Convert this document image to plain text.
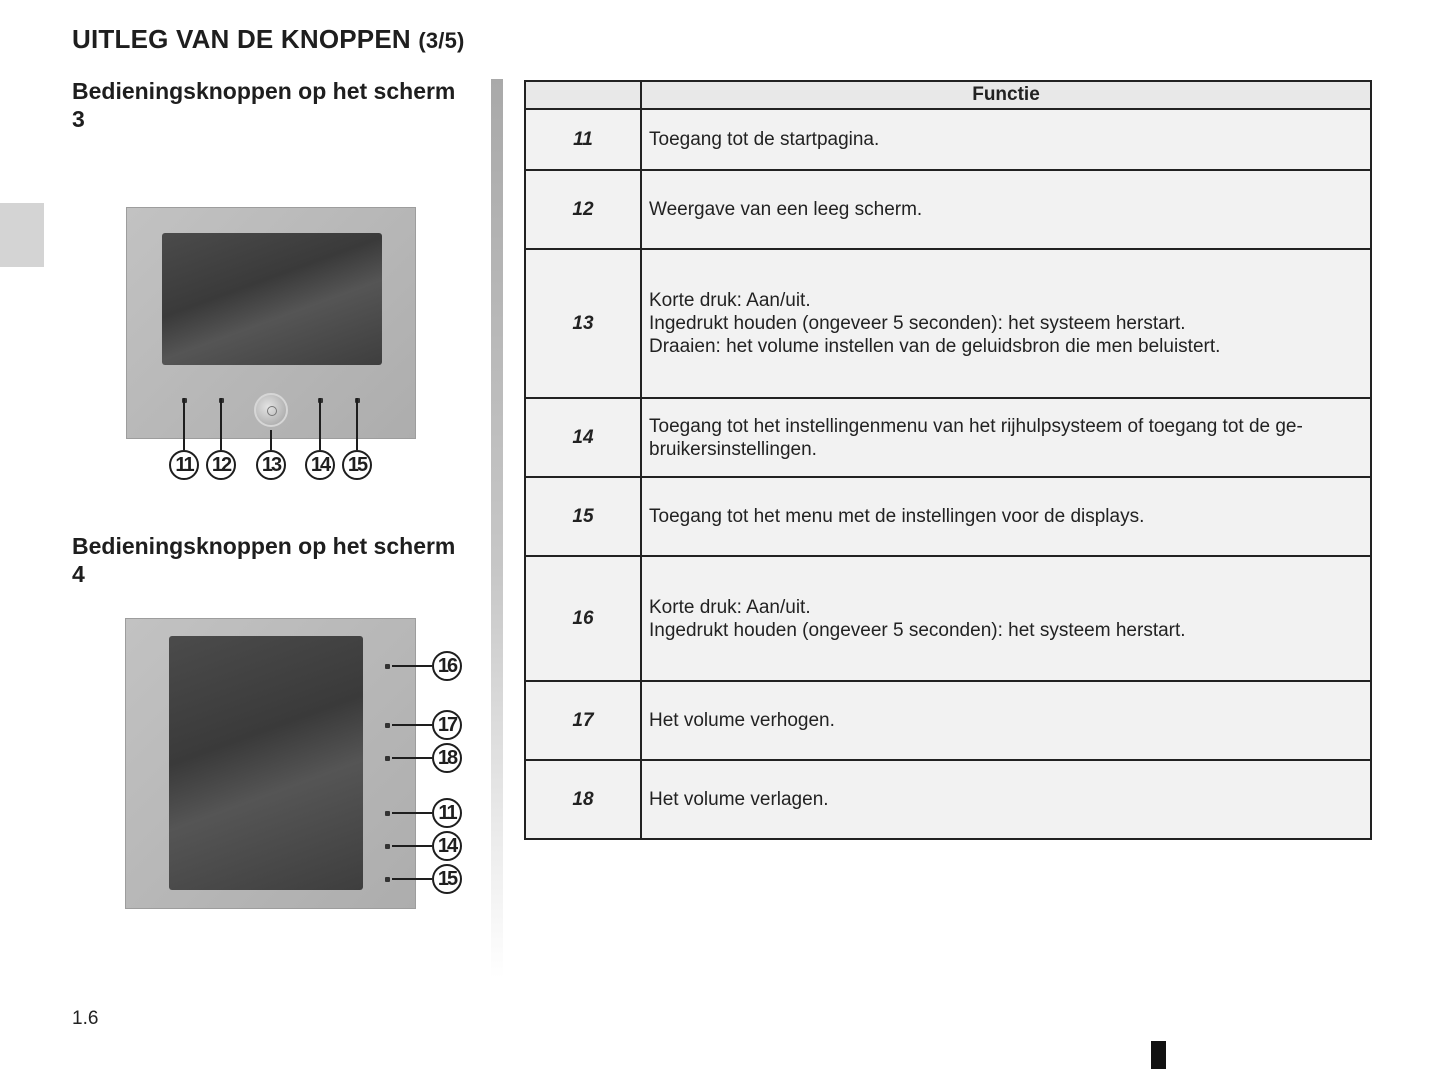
UITLEG VAN DE KNOPPEN (3/5)
Bedieningsknoppen op het scherm 3
11 12 13 14 15
Bedieningsknoppen op het scherm 4
16
17
18
11
14
15
	Functie
11	Toegang tot de startpagina.

12	Weergave van een leeg scherm.

13	Korte druk: Aan/uit.
Ingedrukt houden (ongeveer 5 seconden): het systeem herstart.
Draaien: het volume instellen van de geluidsbron die men beluistert.

14	Toegang tot het instellingenmenu van het rijhulpsysteem of toegang tot de ge-
bruikersinstellingen.

15	Toegang tot het menu met de instellingen voor de displays.

16	Korte druk: Aan/uit.
Ingedrukt houden (ongeveer 5 seconden): het systeem herstart.

17	Het volume verhogen.

18	Het volume verlagen.
1.6
